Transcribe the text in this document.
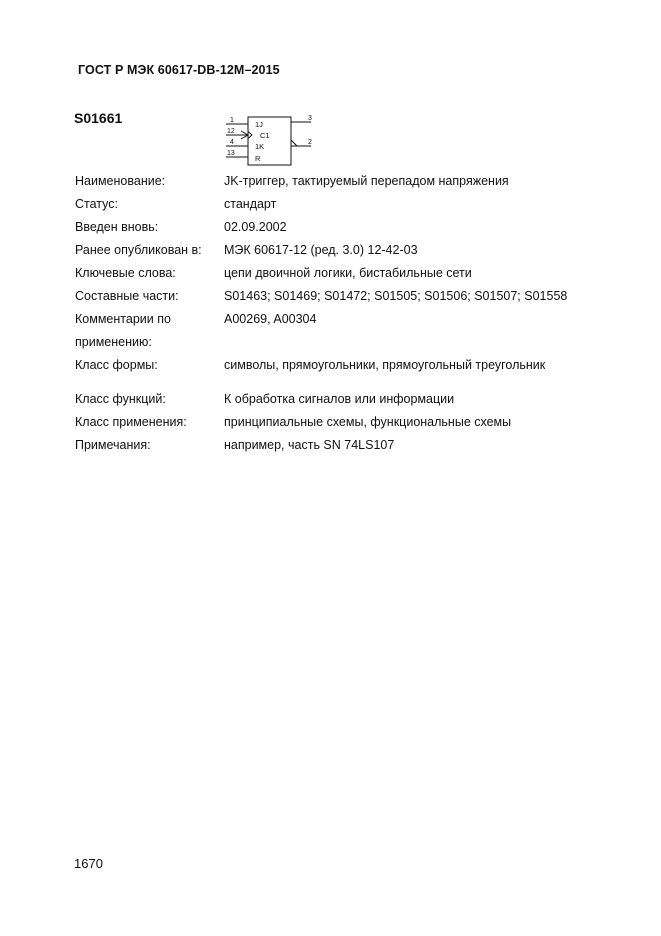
ГОСТ Р МЭК 60617-DB-12M–2015
S01661	1
12
4
13
3
2
1J
C1
1K
R
Наименование:	JK-триггер, тактируемый перепадом напряжения
Статус:	стандарт
Введен вновь:	02.09.2002
Ранее опубликован в:	МЭК 60617-12 (ред. 3.0) 12-42-03
Ключевые слова:	цепи двоичной логики, бистабильные сети
Составные части:	S01463; S01469; S01472; S01505; S01506; S01507; S01558
Комментарии по	A00269, A00304
применению:
Класс формы:	символы, прямоугольники, прямоугольный треугольник
Класс функций:	К обработка сигналов или информации
Класс применения:	принципиальные схемы, функциональные схемы
Примечания:	например, часть SN 74LS107
1670
